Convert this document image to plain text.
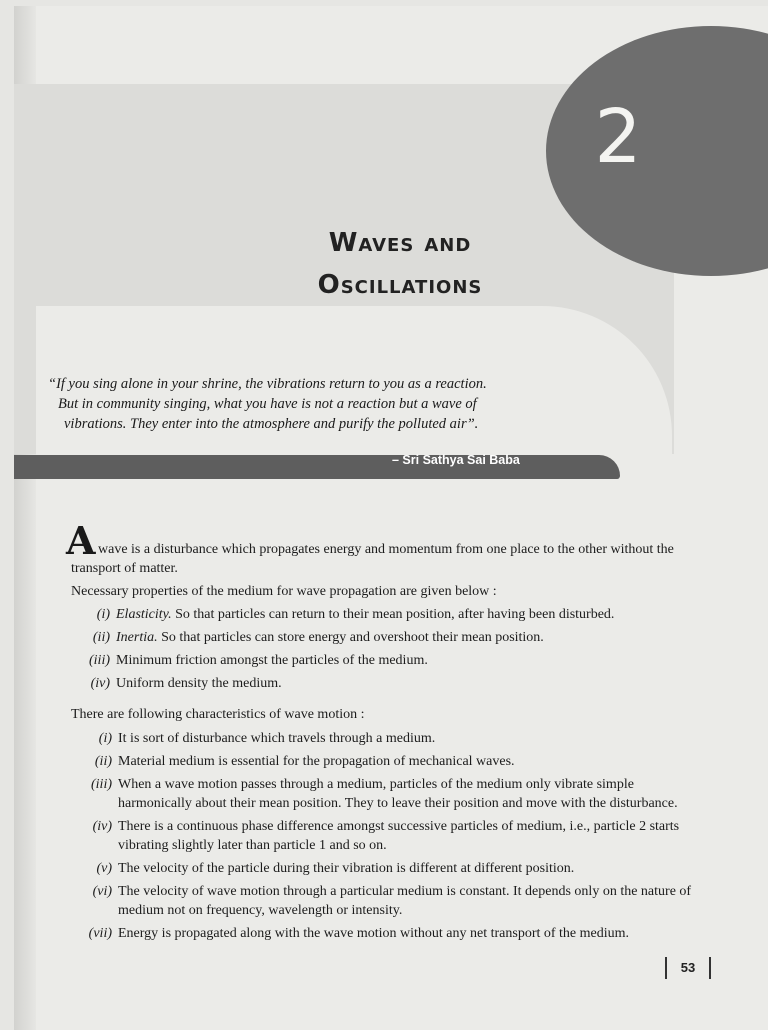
2
Waves and
Oscillations
“If you sing alone in your shrine, the vibrations return to you as a reaction.
But in community singing, what you have is not a reaction but a wave of
vibrations. They enter into the atmosphere and purify the polluted air”.
– Sri Sathya Sai Baba
A wave is a disturbance which propagates energy and momentum from one place to the other without the
transport of matter.
Necessary properties of the medium for wave propagation are given below :
(i) Elasticity. So that particles can return to their mean position, after having been disturbed.
(ii) Inertia. So that particles can store energy and overshoot their mean position.
(iii) Minimum friction amongst the particles of the medium.
(iv) Uniform density the medium.
There are following characteristics of wave motion :
(i) It is sort of disturbance which travels through a medium.
(ii) Material medium is essential for the propagation of mechanical waves.
(iii) When a wave motion passes through a medium, particles of the medium only vibrate simple
harmonically about their mean position. They to leave their position and move with the disturbance.
(iv) There is a continuous phase difference amongst successive particles of medium, i.e., particle 2 starts
vibrating slightly later than particle 1 and so on.
(v) The velocity of the particle during their vibration is different at different position.
(vi) The velocity of wave motion through a particular medium is constant. It depends only on the nature of
medium not on frequency, wavelength or intensity.
(vii) Energy is propagated along with the wave motion without any net transport of the medium.
53
